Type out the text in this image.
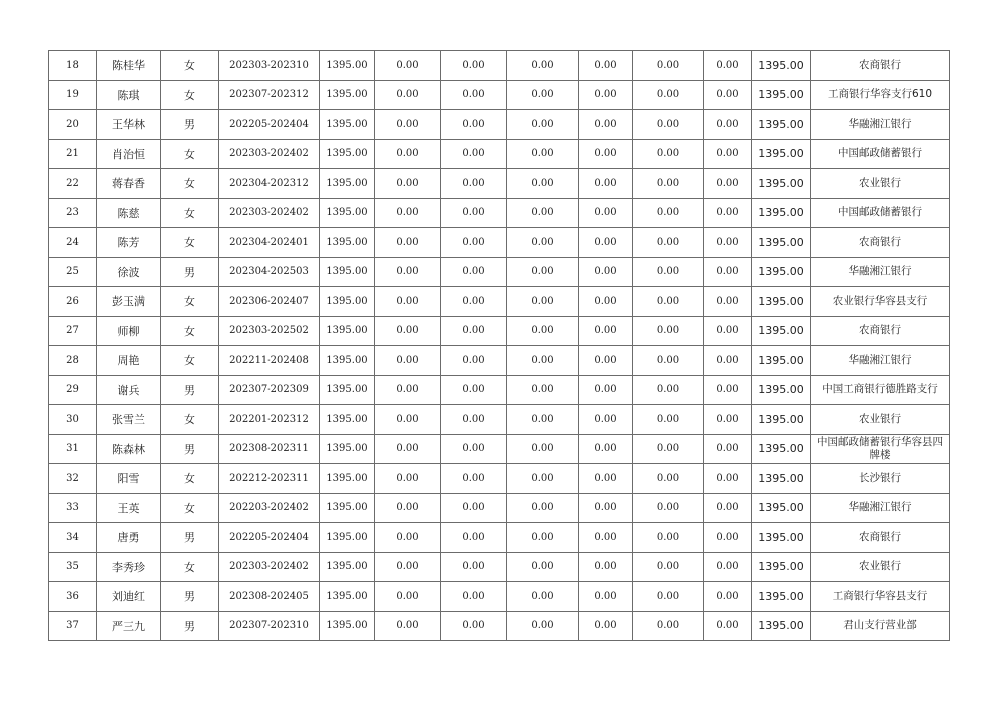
18	陈桂华	女	202303-202310	1395.00	0.00	0.00	0.00	0.00	0.00	0.00	1395.00	农商银行
19	陈琪	女	202307-202312	1395.00	0.00	0.00	0.00	0.00	0.00	0.00	1395.00	工商银行华容支行610
20	王华林	男	202205-202404	1395.00	0.00	0.00	0.00	0.00	0.00	0.00	1395.00	华融湘江银行
21	肖治恒	女	202303-202402	1395.00	0.00	0.00	0.00	0.00	0.00	0.00	1395.00	中国邮政储蓄银行
22	蒋春香	女	202304-202312	1395.00	0.00	0.00	0.00	0.00	0.00	0.00	1395.00	农业银行
23	陈慈	女	202303-202402	1395.00	0.00	0.00	0.00	0.00	0.00	0.00	1395.00	中国邮政储蓄银行
24	陈芳	女	202304-202401	1395.00	0.00	0.00	0.00	0.00	0.00	0.00	1395.00	农商银行
25	徐波	男	202304-202503	1395.00	0.00	0.00	0.00	0.00	0.00	0.00	1395.00	华融湘江银行
26	彭玉满	女	202306-202407	1395.00	0.00	0.00	0.00	0.00	0.00	0.00	1395.00	农业银行华容县支行
27	师柳	女	202303-202502	1395.00	0.00	0.00	0.00	0.00	0.00	0.00	1395.00	农商银行
28	周艳	女	202211-202408	1395.00	0.00	0.00	0.00	0.00	0.00	0.00	1395.00	华融湘江银行
29	谢兵	男	202307-202309	1395.00	0.00	0.00	0.00	0.00	0.00	0.00	1395.00	中国工商银行德胜路支行
30	张雪兰	女	202201-202312	1395.00	0.00	0.00	0.00	0.00	0.00	0.00	1395.00	农业银行
31	陈森林	男	202308-202311	1395.00	0.00	0.00	0.00	0.00	0.00	0.00	1395.00	中国邮政储蓄银行华容县四牌楼
32	阳雪	女	202212-202311	1395.00	0.00	0.00	0.00	0.00	0.00	0.00	1395.00	长沙银行
33	王英	女	202203-202402	1395.00	0.00	0.00	0.00	0.00	0.00	0.00	1395.00	华融湘江银行
34	唐勇	男	202205-202404	1395.00	0.00	0.00	0.00	0.00	0.00	0.00	1395.00	农商银行
35	李秀珍	女	202303-202402	1395.00	0.00	0.00	0.00	0.00	0.00	0.00	1395.00	农业银行
36	刘迪红	男	202308-202405	1395.00	0.00	0.00	0.00	0.00	0.00	0.00	1395.00	工商银行华容县支行
37	严三九	男	202307-202310	1395.00	0.00	0.00	0.00	0.00	0.00	0.00	1395.00	君山支行营业部
